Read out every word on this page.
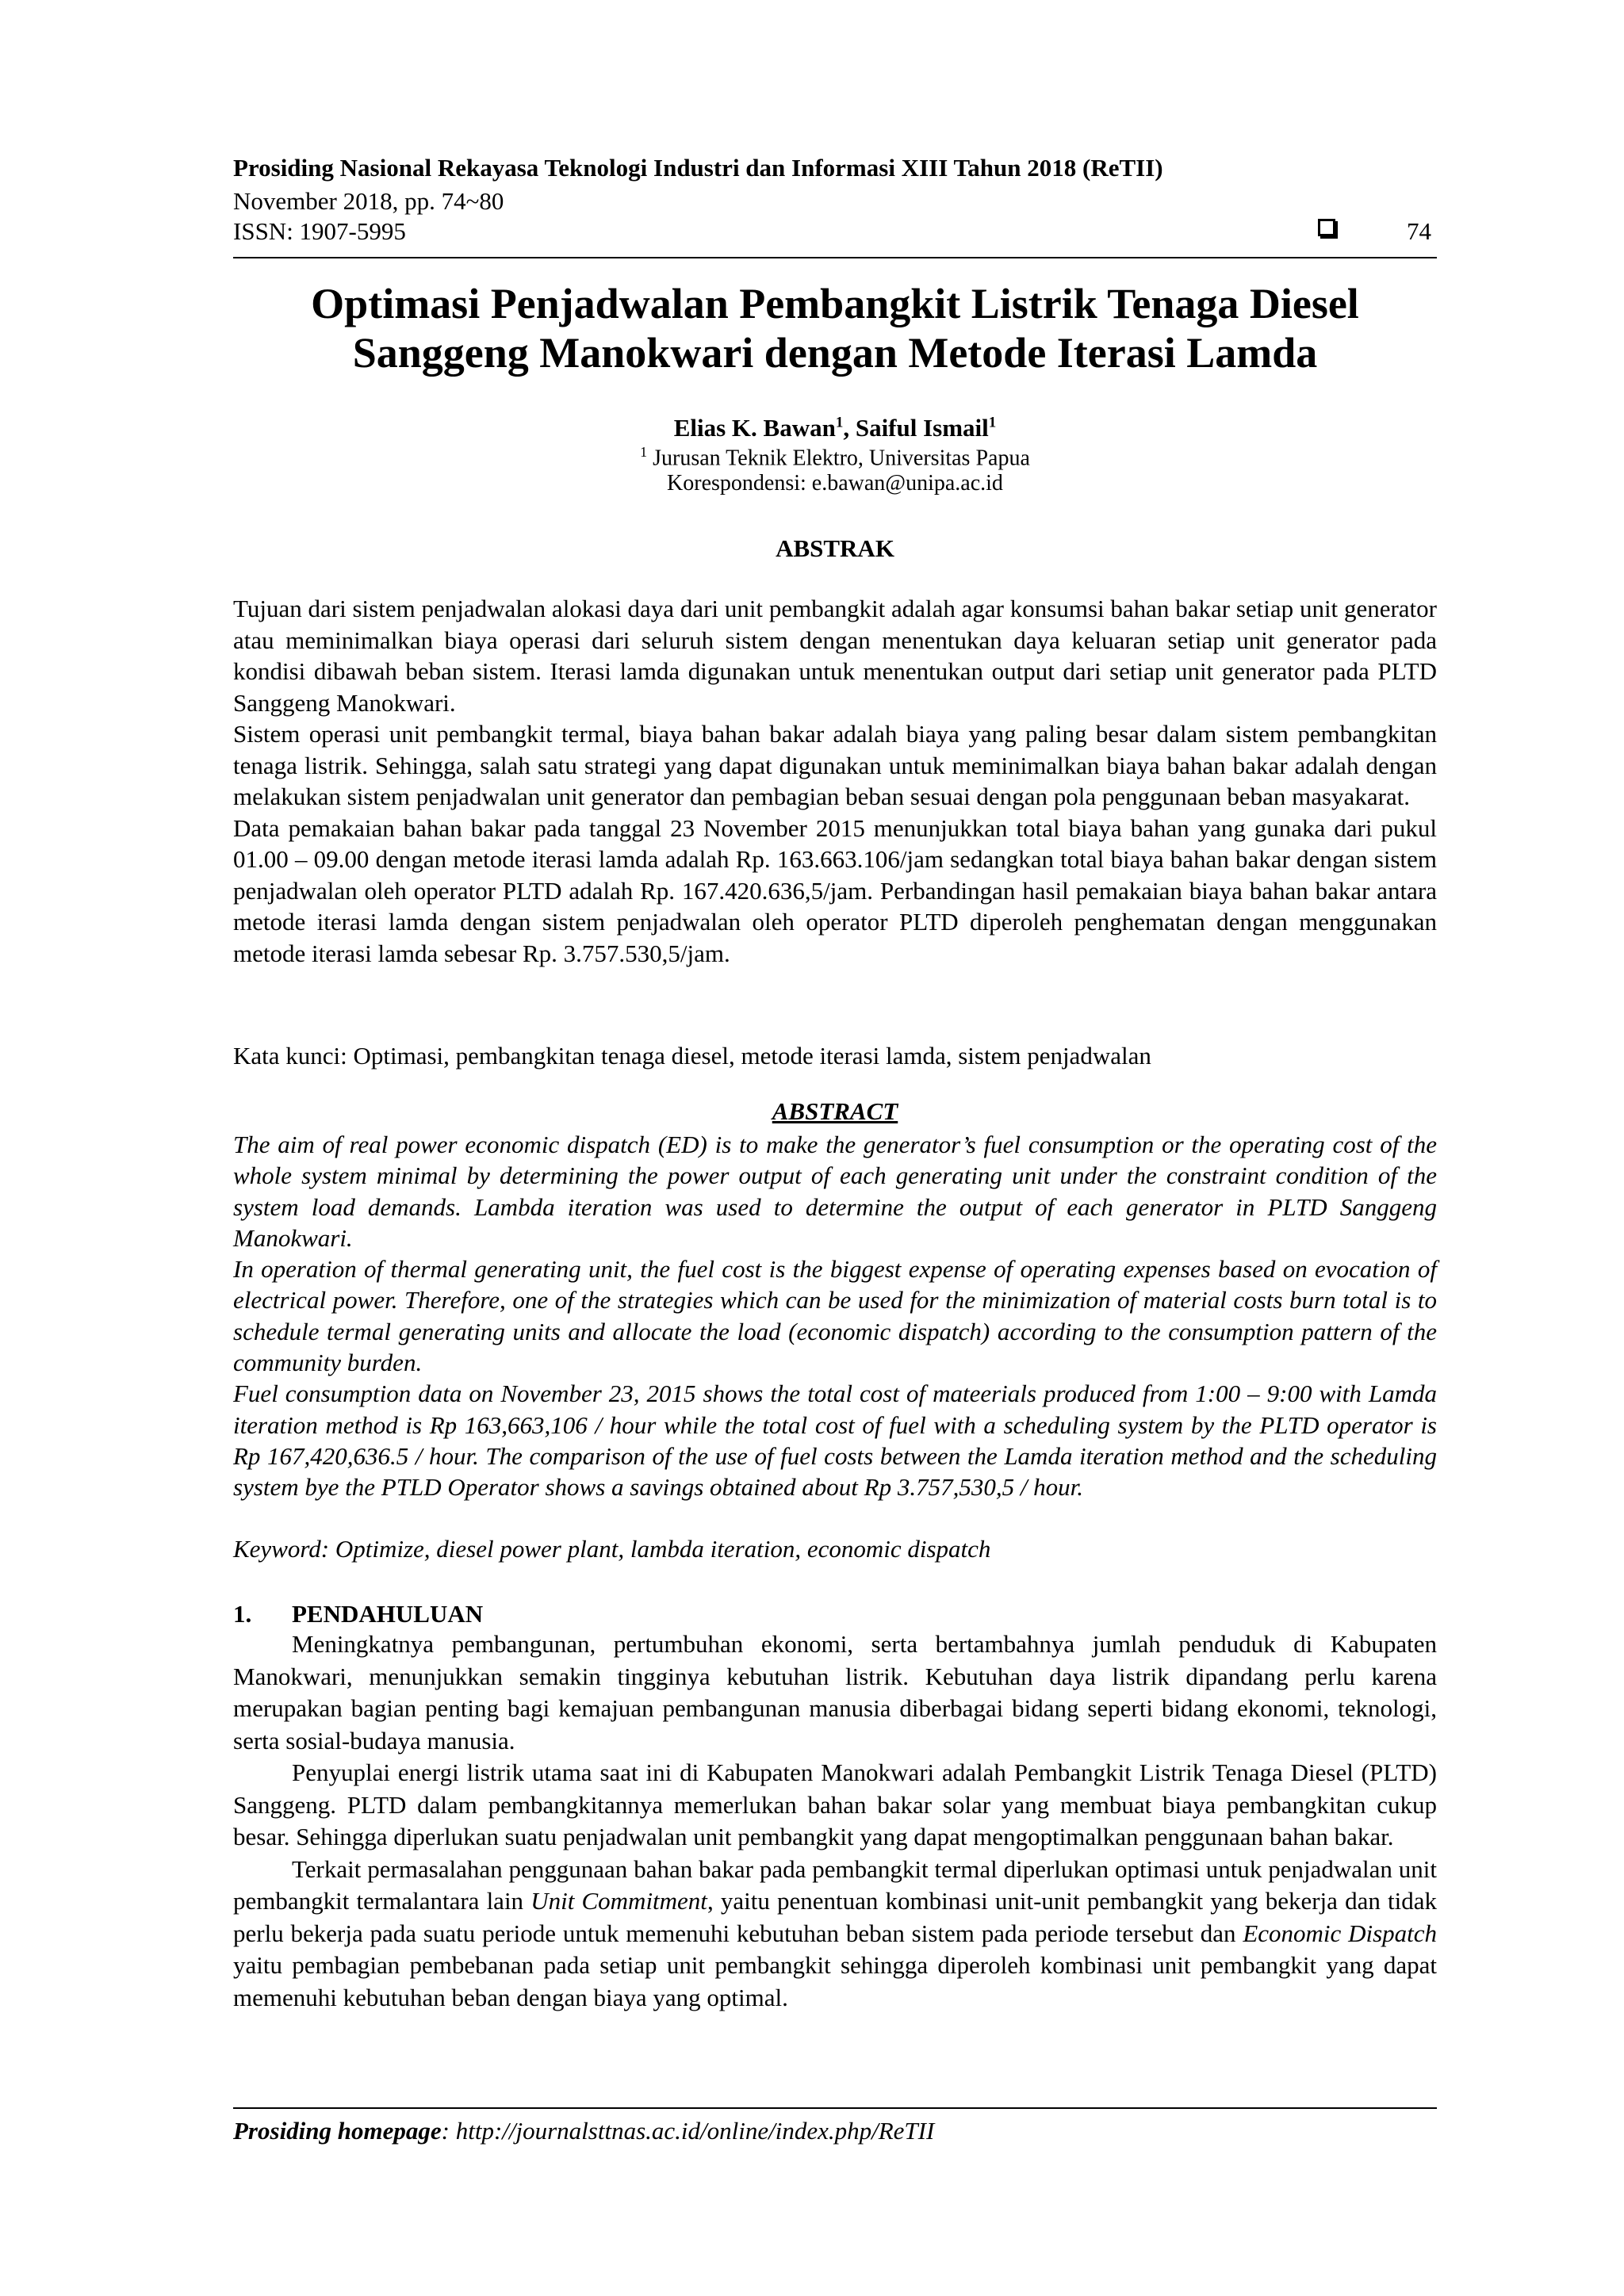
Prosiding Nasional Rekayasa Teknologi Industri dan Informasi XIII Tahun 2018 (ReTII)
November 2018, pp. 74~80
ISSN: 1907-5995	74
Optimasi Penjadwalan Pembangkit Listrik Tenaga Diesel
Sanggeng Manokwari dengan Metode Iterasi Lamda
Elias K. Bawan$^1$, Saiful Ismail$^1$
$^1$ Jurusan Teknik Elektro, Universitas Papua
Korespondensi: e.bawan@unipa.ac.id
ABSTRAK

Tujuan dari sistem penjadwalan alokasi daya dari unit pembangkit adalah agar konsumsi bahan bakar setiap unit generator atau meminimalkan biaya operasi dari seluruh sistem dengan menentukan daya keluaran setiap unit generator pada kondisi dibawah beban sistem. Iterasi lamda digunakan untuk menentukan output dari setiap unit generator pada PLTD Sanggeng Manokwari.

Sistem operasi unit pembangkit termal, biaya bahan bakar adalah biaya yang paling besar dalam sistem pembangkitan tenaga listrik. Sehingga, salah satu strategi yang dapat digunakan untuk meminimalkan biaya bahan bakar adalah dengan melakukan sistem penjadwalan unit generator dan pembagian beban sesuai dengan pola penggunaan beban masyakarat.

Data pemakaian bahan bakar pada tanggal 23 November 2015 menunjukkan total biaya bahan yang gunaka dari pukul 01.00 – 09.00 dengan metode iterasi lamda adalah Rp. 163.663.106/jam sedangkan total biaya bahan bakar dengan sistem penjadwalan oleh operator PLTD adalah Rp. 167.420.636,5/jam. Perbandingan hasil pemakaian biaya bahan bakar antara metode iterasi lamda dengan sistem penjadwalan oleh operator PLTD diperoleh penghematan dengan menggunakan metode iterasi lamda sebesar Rp. 3.757.530,5/jam.

Kata kunci: Optimasi, pembangkitan tenaga diesel, metode iterasi lamda, sistem penjadwalan
ABSTRACT

The aim of real power economic dispatch (ED) is to make the generator’s fuel consumption or the operating cost of the whole system minimal by determining the power output of each generating unit under the constraint condition of the system load demands. Lambda iteration was used to determine the output of each generator in PLTD Sanggeng Manokwari.

In operation of thermal generating unit, the fuel cost is the biggest expense of operating expenses based on evocation of electrical power. Therefore, one of the strategies which can be used for the minimization of material costs burn total is to schedule termal generating units and allocate the load (economic dispatch) according to the consumption pattern of the community burden.

Fuel consumption data on November 23, 2015 shows the total cost of mateerials produced from 1:00 – 9:00 with Lamda iteration method is Rp 163,663,106 / hour while the total cost of fuel with a scheduling system by the PLTD operator is Rp 167,420,636.5 / hour. The comparison of the use of fuel costs between the Lamda iteration method and the scheduling system bye the PTLD Operator shows a savings obtained about Rp 3.757,530,5 / hour.

Keyword: Optimize, diesel power plant, lambda iteration, economic dispatch
1. PENDAHULUAN

Meningkatnya pembangunan, pertumbuhan ekonomi, serta bertambahnya jumlah penduduk di Kabupaten Manokwari, menunjukkan semakin tingginya kebutuhan listrik. Kebutuhan daya listrik dipandang perlu karena merupakan bagian penting bagi kemajuan pembangunan manusia diberbagai bidang seperti bidang ekonomi, teknologi, serta sosial-budaya manusia.

Penyuplai energi listrik utama saat ini di Kabupaten Manokwari adalah Pembangkit Listrik Tenaga Diesel (PLTD) Sanggeng. PLTD dalam pembangkitannya memerlukan bahan bakar solar yang membuat biaya pembangkitan cukup besar. Sehingga diperlukan suatu penjadwalan unit pembangkit yang dapat mengoptimalkan penggunaan bahan bakar.

Terkait permasalahan penggunaan bahan bakar pada pembangkit termal diperlukan optimasi untuk penjadwalan unit pembangkit termalantara lain Unit Commitment, yaitu penentuan kombinasi unit-unit pembangkit yang bekerja dan tidak perlu bekerja pada suatu periode untuk memenuhi kebutuhan beban sistem pada periode tersebut dan Economic Dispatch yaitu pembagian pembebanan pada setiap unit pembangkit sehingga diperoleh kombinasi unit pembangkit yang dapat memenuhi kebutuhan beban dengan biaya yang optimal.

Prosiding homepage: http://journalsttnas.ac.id/online/index.php/ReTII
